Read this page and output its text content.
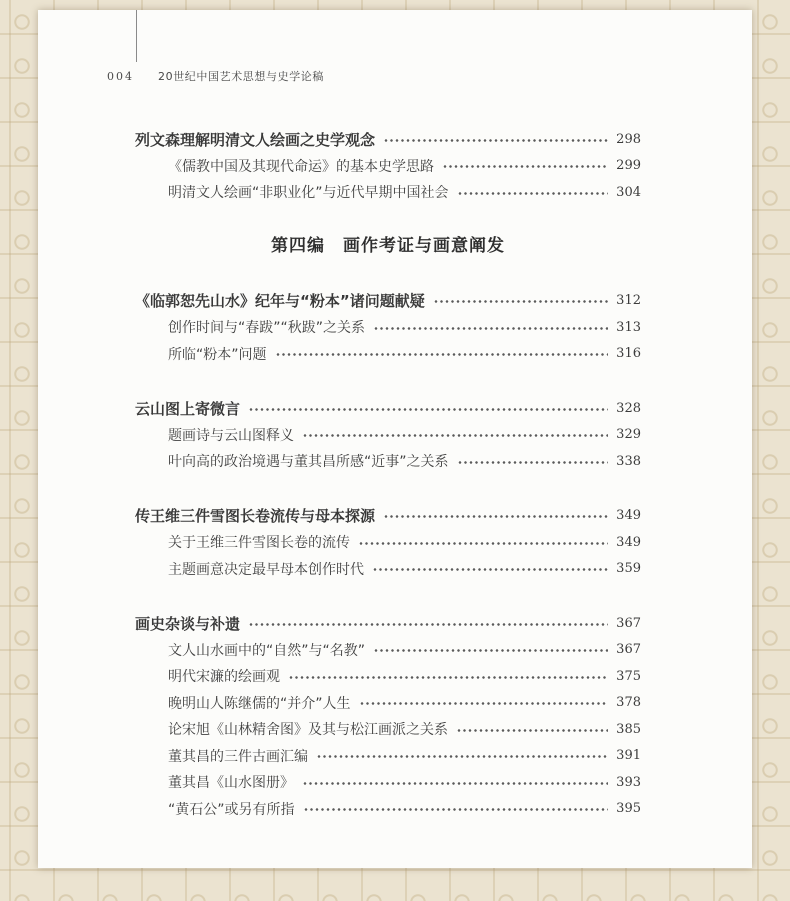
004 20世纪中国艺术思想与史学论稿
列文森理解明清文人绘画之史学观念	298
《儒教中国及其现代命运》的基本史学思路	299
明清文人绘画“非职业化”与近代早期中国社会	304
第四编　画作考证与画意阐发
《临郭恕先山水》纪年与“粉本”诸问题献疑	312
创作时间与“春跋”“秋跋”之关系	313
所临“粉本”问题	316
云山图上寄微言	328
题画诗与云山图释义	329
叶向高的政治境遇与董其昌所感“近事”之关系	338
传王维三件雪图长卷流传与母本探源	349
关于王维三件雪图长卷的流传	349
主题画意决定最早母本创作时代	359
画史杂谈与补遗	367
文人山水画中的“自然”与“名教”	367
明代宋濂的绘画观	375
晚明山人陈继儒的“并介”人生	378
论宋旭《山林精舍图》及其与松江画派之关系	385
董其昌的三件古画汇编	391
董其昌《山水图册》	393
“黄石公”或另有所指	395
